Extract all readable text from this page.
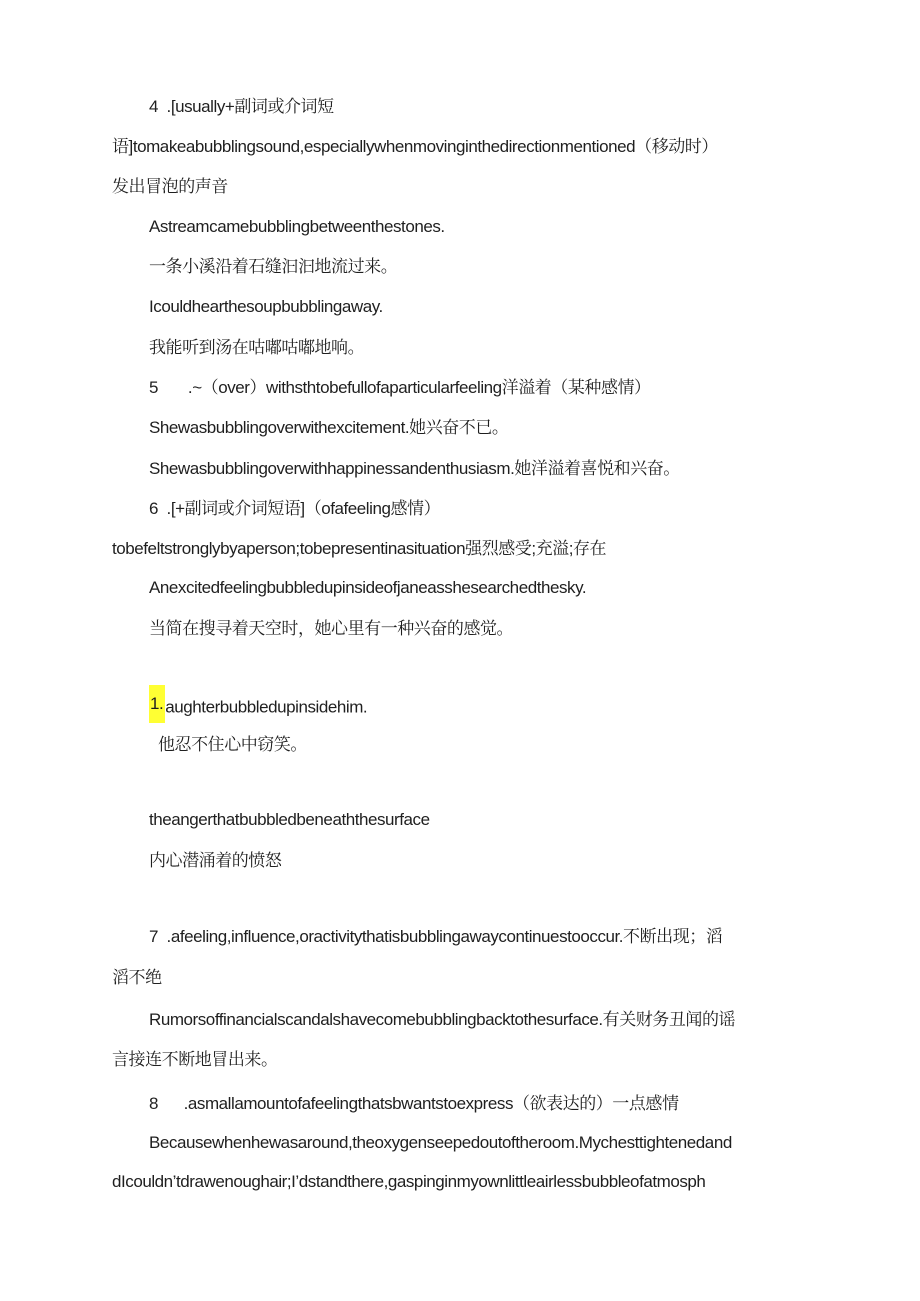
4  .[usually+副词或介词短
语]tomakeabubblingsound,especiallywhenmovinginthedirectionmentioned（移动时）
发出冒泡的声音
Astreamcamebubblingbetweenthestones.
一条小溪沿着石缝汩汩地流过来。
Icouldhearthesoupbubblingaway.
我能听到汤在咕嘟咕嘟地响。
5       .~（over）withsthtobefullofaparticularfeeling洋溢着（某种感情）
Shewasbubblingoverwithexcitement.她兴奋不已。
Shewasbubblingoverwithhappinessandenthusiasm.她洋溢着喜悦和兴奋。
6  .[+副词或介词短语]（ofafeeling感情）
tobefeltstronglybyaperson;tobepresentinasituation强烈感受;充溢;存在
Anexcitedfeelingbubbledupinsideofjaneasshesearchedthesky.
当简在搜寻着天空时，她心里有一种兴奋的感觉。
1. aughterbubbledupinsidehim.
他忍不住心中窃笑。
theangerthatbubbledbeneaththesurface
内心潜涌着的愤怒
7  .afeeling,influence,oractivitythatisbubblingawaycontinuestooccur.不断出现；滔
滔不绝
Rumorsoffinancialscandalshavecomebubblingbacktothesurface.有关财务丑闻的谣
言接连不断地冒出来。
8      .asmallamountofafeelingthatsbwantstoexpress（欲表达的）一点感情
Becausewhenhewasaround,theoxygenseepedoutoftheroom.Mychesttightenedand
dIcouldn’tdrawenoughair;I’dstandthere,gaspinginmyownlittleairlessbubbleofatmosph
